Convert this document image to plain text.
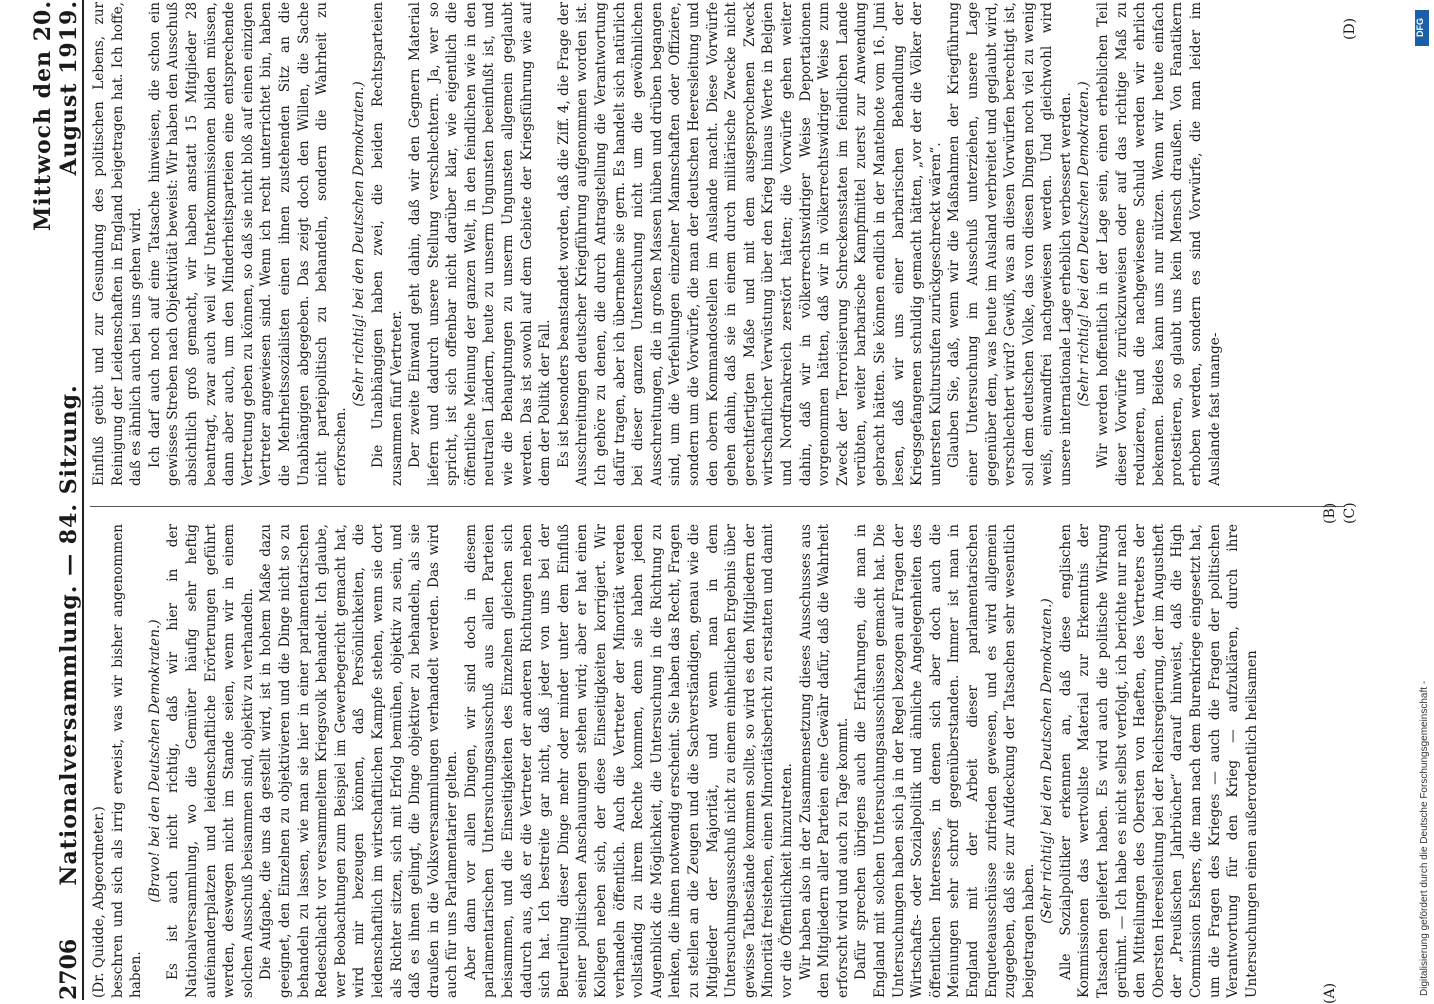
2706
Nationalversammlung. — 84. Sitzung.
Mittwoch den 20. August 1919.

(Dr. Quidde, Abgeordneter.) beschren und sich als irrig erweist, was wir bisher angenommen haben.

(Bravo! bei den Deutschen Demokraten.) Es ist auch nicht richtig, daß wir hier in der Nationalversammlung, wo die Gemüter häufig sehr heftig aufeinanderplatzen und leidenschaftliche Erörterungen geführt werden, deswegen nicht im Stande seien, wenn wir in einem solchen Ausschuß beisammen sind, objektiv zu verhandeln. Die Aufgabe, die uns da gestellt wird, ist in hohem Maße dazu geeignet, den Einzelnen zu objektivieren und die Dinge nicht so zu behandeln zu lassen, wie man sie hier in einer parlamentarischen Redeschlacht vor versammeltem Kriegsvolk behandelt. Ich glaube, wer Beobachtungen zum Beispiel im Gewerbegericht gemacht hat, wird mir bezeugen können, daß Persönlichkeiten, die leidenschaftlich im wirtschaftlichen Kampfe stehen, wenn sie dort als Richter sitzen, sich mit Erfolg bemühen, objektiv zu sein, und daß es ihnen gelingt, die Dinge objektiver zu behandeln, als sie draußen in die Volksversammlungen verhandelt werden. Das wird auch für uns Parlamentarier gelten. Aber dann vor allen Dingen, wir sind doch in diesem parlamentarischen Untersuchungsausschuß aus allen Parteien beisammen, und die Einseitigkeiten des Einzelnen gleichen sich dadurch aus, daß er die Vertreter der anderen Richtungen neben sich hat. Ich bestreite gar nicht, daß jeder von uns bei der Beurteilung dieser Dinge mehr oder minder unter dem Einfluß seiner politischen Anschauungen stehen wird; aber er hat einen Kollegen neben sich, der diese Einseitigkeiten korrigiert. Wir verhandeln öffentlich. Auch die Vertreter der Minorität werden vollständig zu ihrem Rechte kommen, denn sie haben jeden Augenblick die Möglichkeit, die Untersuchung in die Richtung zu lenken, die ihnen notwendig erscheint. Sie haben das Recht, Fragen zu stellen an die Zeugen und die Sachverständigen, genau wie die Mitglieder der Majorität, und wenn man in dem Untersuchungsausschuß nicht zu einem einheitlichen Ergebnis über gewisse Tatbestände kommen sollte, so wird es den Mitgliedern der Minorität freistehen, einen Minoritätsbericht zu erstatten und damit vor die Öffentlichkeit hinzutreten. Wir haben also in der Zusammensetzung dieses Ausschusses aus den Mitgliedern aller Parteien eine Gewähr dafür, daß die Wahrheit erforscht wird und auch zu Tage kommt. Dafür sprechen übrigens auch die Erfahrungen, die man in England mit solchen Untersuchungsausschüssen gemacht hat. Die Untersuchungen haben sich ja in der Regel bezogen auf Fragen der Wirtschafts- oder Sozialpolitik und ähnliche Angelegenheiten des öffentlichen Interesses, in denen sich aber doch auch die Meinungen sehr schroff gegenüberstanden. Immer ist man in England mit der Arbeit dieser parlamentarischen Enqueteausschüsse zufrieden gewesen, und es wird allgemein zugegeben, daß sie zur Aufdeckung der Tatsachen sehr wesentlich beigetragen haben.

(Sehr richtig! bei den Deutschen Demokraten.) Alle Sozialpolitiker erkennen an, daß diese englischen Kommissionen das wertvollste Material zur Erkenntnis der Tatsachen geliefert haben. Es wird auch die politische Wirkung gerühmt. — Ich habe es nicht selbst verfolgt, ich berichte nur nach den Mitteilungen des Obersten von Haeften, des Vertreters der Obersten Heeresleitung bei der Reichsregierung, der im Augustheft der „Preußischen Jahrbücher“ darauf hinweist, daß die High Commission Eshers, die man nach dem Burenkriege eingesetzt hat, um die Fragen des Krieges — auch die Fragen der politischen Verantwortung für den Krieg — aufzuklären, durch ihre Untersuchungen einen außerordentlich heilsamen

Einfluß geübt und zur Gesundung des politischen Lebens, zur Reinigung der Leidenschaften in England beigetragen hat. Ich hoffe, daß es ähnlich auch bei uns gehen wird. Ich darf auch noch auf eine Tatsache hinweisen, die schon ein gewisses Streben nach Objektivität beweist: Wir haben den Ausschuß absichtlich groß gemacht, wir haben anstatt 15 Mitglieder 28 beantragt, zwar auch weil wir Unterkommissionen bilden müssen, dann aber auch, um den Minderheitsparteien eine entsprechende Vertretung geben zu können, so daß sie nicht bloß auf einen einzigen Vertreter angewiesen sind. Wenn ich recht unterrichtet bin, haben die Mehrheitssozialisten einen ihnen zustehenden Sitz an die Unabhängigen abgegeben. Das zeigt doch den Willen, die Sache nicht parteipolitisch zu behandeln, sondern die Wahrheit zu erforschen.

(Sehr richtig! bei den Deutschen Demokraten.) Die Unabhängigen haben zwei, die beiden Rechtsparteien zusammen fünf Vertreter. Der zweite Einwand geht dahin, daß wir den Gegnern Material liefern und dadurch unsere Stellung verschlechtern. Ja, wer so spricht, ist sich offenbar nicht darüber klar, wie eigentlich die öffentliche Meinung der ganzen Welt, in den feindlichen wie in den neutralen Ländern, heute zu unserm Ungunsten beeinflußt ist, und wie die Behauptungen zu unserm Ungunsten allgemein geglaubt werden. Das ist sowohl auf dem Gebiete der Kriegsführung wie auf dem der Politik der Fall. Es ist besonders beanstandet worden, daß die Ziff. 4, die Frage der Ausschreitungen deutscher Kriegführung aufgenommen worden ist. Ich gehöre zu denen, die durch Antragstellung die Verantwortung dafür tragen, aber ich übernehme sie gern. Es handelt sich natürlich bei dieser ganzen Untersuchung nicht um die gewöhnlichen Ausschreitungen, die in großen Massen hüben und drüben begangen sind, um die Verfehlungen einzelner Mannschaften oder Offiziere, sondern um die Vorwürfe, die man der deutschen Heeresleitung und den obern Kommandostellen im Auslande macht. Diese Vorwürfe gehen dahin, daß sie in einem durch militärische Zwecke nicht gerechtfertigten Maße und mit dem ausgesprochenen Zweck wirtschaftlicher Verwüstung über den Krieg hinaus Werte in Belgien und Nordfrankreich zerstört hätten; die Vorwürfe gehen weiter dahin, daß wir in völkerrechtswidriger Weise Deportationen vorgenommen hätten, daß wir in völkerrechtswidriger Weise zum Zweck der Terrorisierung Schreckensstaten im feindlichen Lande verübten, weiter barbarische Kampfmittel zuerst zur Anwendung gebracht hätten. Sie können endlich in der Mantelnote vom 16. Juni lesen, daß wir uns einer barbarischen Behandlung der Kriegsgefangenen schuldig gemacht hätten, „vor der die Völker der untersten Kulturstufen zurückgeschreckt wären“. Glauben Sie, daß, wenn wir die Maßnahmen der Kriegführung einer Untersuchung im Ausschuß unterziehen, unsere Lage gegenüber dem, was heute im Ausland verbreitet und geglaubt wird, verschlechtert wird? Gewiß, was an diesen Vorwürfen berechtigt ist, soll dem deutschen Volke, das von diesen Dingen noch viel zu wenig weiß, einwandfrei nachgewiesen werden. Und gleichwohl wird unsere internationale Lage erheblich verbessert werden. (Sehr richtig! bei den Deutschen Demokraten.) Wir werden hoffentlich in der Lage sein, einen erheblichen Teil dieser Vorwürfe zurückzuweisen oder auf das richtige Maß zu reduzieren, und die nachgewiesene Schuld werden wir ehrlich bekennen. Beides kann uns nur nützen. Wenn wir heute einfach protestieren, so glaubt uns kein Mensch draußen. Von Fanatikern erhoben werden, sondern es sind Vorwürfe, die man leider im Auslande fast unange-

(A)
(B) (C)
(D)	DFG
Digitalisierung gefördert durch die Deutsche Forschungsgemeinschaft -
